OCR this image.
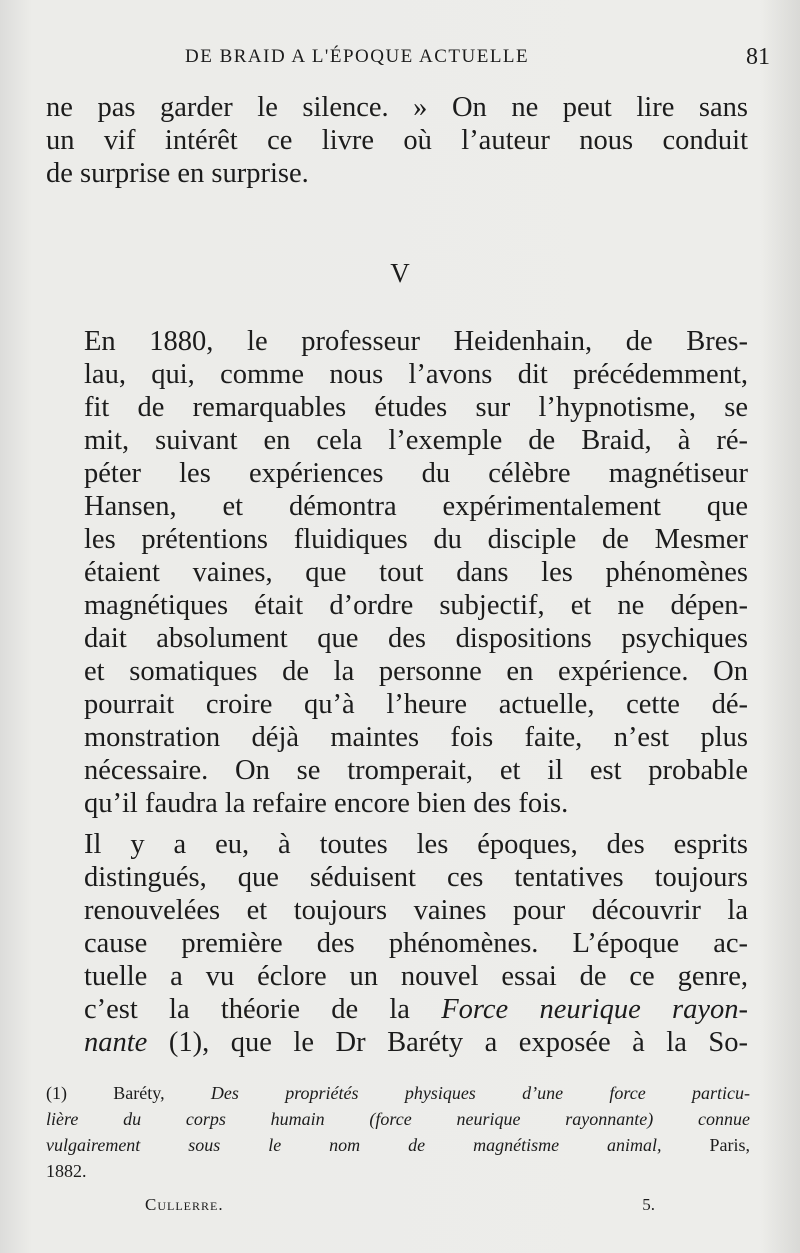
DE BRAID A L'ÉPOQUE ACTUELLE	81
ne pas garder le silence. » On ne peut lire sans
un vif intérêt ce livre où l’auteur nous conduit
de surprise en surprise.
V
En 1880, le professeur Heidenhain, de Bres-
lau, qui, comme nous l’avons dit précédemment,
fit de remarquables études sur l’hypnotisme, se
mit, suivant en cela l’exemple de Braid, à ré-
péter les expériences du célèbre magnétiseur
Hansen, et démontra expérimentalement que
les prétentions fluidiques du disciple de Mesmer
étaient vaines, que tout dans les phénomènes
magnétiques était d’ordre subjectif, et ne dépen-
dait absolument que des dispositions psychiques
et somatiques de la personne en expérience. On
pourrait croire qu’à l’heure actuelle, cette dé-
monstration déjà maintes fois faite, n’est plus
nécessaire. On se tromperait, et il est probable
qu’il faudra la refaire encore bien des fois.
Il y a eu, à toutes les époques, des esprits
distingués, que séduisent ces tentatives toujours
renouvelées et toujours vaines pour découvrir la
cause première des phénomènes. L’époque ac-
tuelle a vu éclore un nouvel essai de ce genre,
c’est la théorie de la Force neurique rayon-
nante (1), que le Dr Baréty a exposée à la So-
(1) Baréty,	Des propriétés physiques d’une force particu-
lière du corps humain (force neurique rayonnante) connue
vulgairement sous le nom de magnétisme animal,	Paris,
1882.
Cullerre.	5.
